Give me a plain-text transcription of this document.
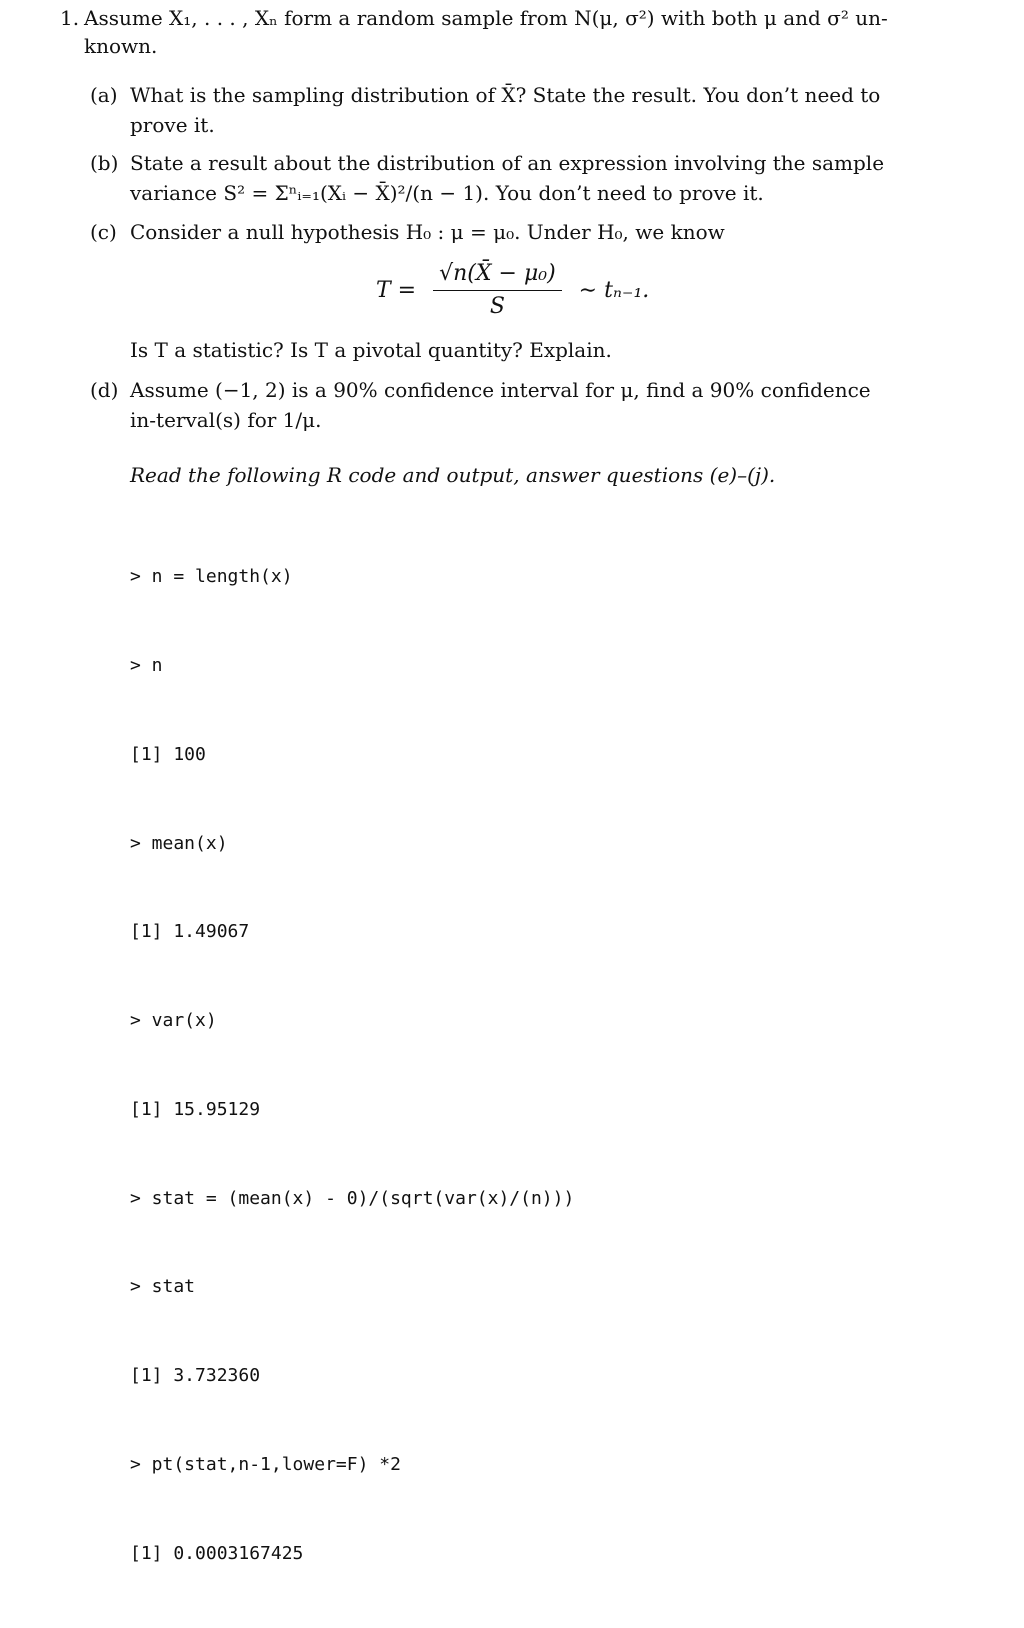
1. Assume X₁, . . . , Xₙ form a random sample from N(μ, σ²) with both μ and σ² un-known.
(a) What is the sampling distribution of X̄? State the result. You don’t need to prove it.
(b) State a result about the distribution of an expression involving the sample variance S² = Σⁿᵢ₌₁(Xᵢ − X̄)²/(n − 1). You don’t need to prove it.
(c) Consider a null hypothesis H₀ : μ = μ₀. Under H₀, we know
$T = \frac{\text{√n(X̄ − μ₀)}}{S}$ ∼ tₙ₋₁.
Is T a statistic? Is T a pivotal quantity? Explain.
(d) Assume (−1, 2) is a 90% confidence interval for μ, find a 90% confidence in-terval(s) for 1/μ.
Read the following R code and output, answer questions (e)–(j).

> n = length(x)

> n

[1] 100

> mean(x)

[1] 1.49067

> var(x)

[1] 15.95129

> stat = (mean(x) - 0)/(sqrt(var(x)/(n)))

> stat

[1] 3.732360

> pt(stat,n-1,lower=F) *2

[1] 0.0003167425
